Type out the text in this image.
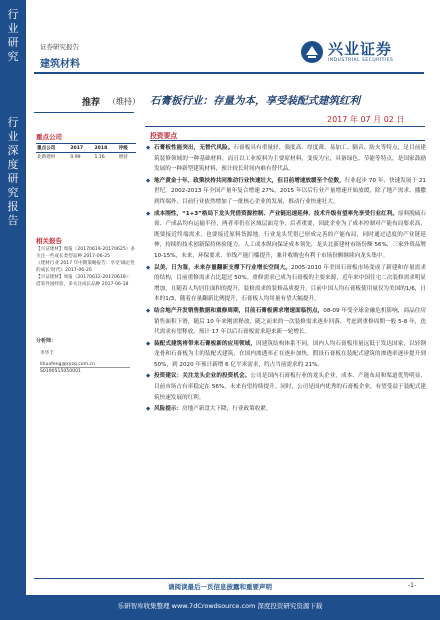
行业研究
行业深度研究报告
证券研究报告
建筑材料
兴业证券
INDUSTRIAL SECURITIES
推荐 （维持） 石膏板行业：存量为本，享受装配式建筑红利
2017 年 07 月 02 日
重点公司
重点公司	2017	2018	评级
北新建材	0.99	1.16	增持
相关报告
【兴证建材】周报（20170619-20170625）多关注一些成长类型品种 2017-06-25
《建材行业 2017 年中期策略报告：享受‘确定性的成长’时代》2017-06-20
【兴证建材】周报（20170612-20170618）：借鉴外国经验，多关注成长品种 2017-06-18
分析师：
李华丰
lihuafeng@xyzq.com.cn
S0190515050001
投资要点
◆ 石膏板性能突出，无替代风险。石膏板具有重量轻、强度高、厚度薄、易加工、隔音、防火等特点，是目前建筑装修领域的一种基础材料，而且以工业废料为主要原材料，变废为宝，具备绿色、节能等特点，是国家鼓励发展的一种新型建筑材料，预计较长时间内难有替代品。
◆ 地产黄金十年、政策扶持共同推动行业快速壮大，但目前增速放缓至个位数，行业起步 70 年，快速发展于 21 世纪。2002-2013 年全国产量年复合增速 27%，2015 年以后行业产量增速开始放缓，除了地产需求、播撒到终端外，目前行业依然增加了一批核心企业的发展，推动行业快速壮大。
◆ 成本刚性，“1+3”格局下龙头凭借资源控制、产业链迅速延伸、技术升级有望率先享受行业红利。原料脱硫石膏、产成品均有运输半径，两者率仍在区域层面竞争，后者重要，因此企业为了成本控制对产能布局要求高，既要接近终端需求，也要接近原料货源地。行业龙头凭借已形成完善的产能布局，同时通过适度的产业链延伸，持续的技术创新保持体验能力。人工成本纵向保证成本领先，龙头北新建材市场份额 56%，三家外资品牌 10-15%，未来，环保要求、单线产能门槛提升，兼并收购也有利于市场份额继续向龙头集中。
◆ 以美、日为鉴，未来存量翻新支撑下行业增长空间大。2005-2010 年美国石膏板市场变成了新建和存量需求的结构，目前重修需求占比超过 50%。重修需求已成为石膏板的主要来源，近年来中国住宅二次装修需求明显增加，且随着人均居住面积的提升，装修需求的装修品质提升，目前中国人均石膏板使用量仅为美国的1/6，日本的1/3，随着存量翻新比例提升，石膏板人均用量有望大幅提升。
◆ 结合地产开发销售数据和重修周期，目前石膏板需求增速面临拐点，08-09 年受全球金融危机影响，商品住房销售面积下滑，随后 10 年来刚需释放，随之而来的一次装修需求逐步回落，考虑到重修周期一般 5-8 年，迭代需求有望释放，预计 17 年以后石膏板需求迎来新一轮增长。
◆ 装配式建筑将带来石膏板新的应用领域，因建筑结构体系不同，国内人均石膏板用量远低于发达国家，以轻钢龙骨和石膏板为主的装配式建筑，在国内渗透率正在逐步加快，假设石膏板在装配式建筑的渗透率逐步提升到 50%，到 2020 年预计新增 6 亿平米需求，约占当前需求的 21%。
◆ 投资建议：关注龙头企业的投资机会。公司是国内石膏板行业的龙头企业，成本、产能布局和渠道优势明显，目前市场占有率稳定在 56%，未来有望持续提升。同时，公司是国内优秀的石膏板企业，有望受益于装配式建筑快速发展的红利。
◆ 风险提示：房地产新盘大下降，行业政策收紧。
请阅读最后一页信息披露和重要声明	-1-
乐研智库收集整理 www.7dCrowdsource.com 深度投资研究资源下载
